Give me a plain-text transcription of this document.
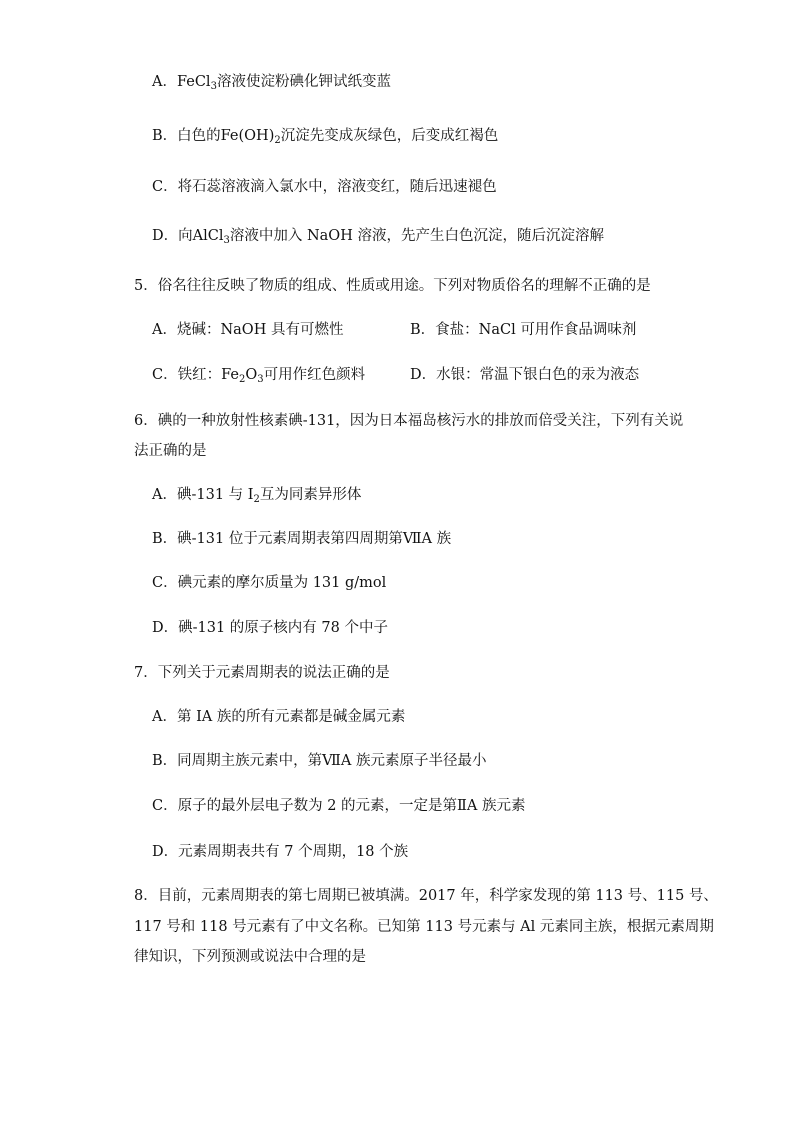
A．FeCl$_3$溶液使淀粉碘化钾试纸变蓝
B．白色的$Fe(OH)_2$沉淀先变成灰绿色，后变成红褐色
C．将石蕊溶液滴入氯水中，溶液变红，随后迅速褪色
D．向AlCl$_3$溶液中加入 NaOH 溶液，先产生白色沉淀，随后沉淀溶解
5．俗名往往反映了物质的组成、性质或用途。下列对物质俗名的理解不正确的是
A．烧碱：NaOH 具有可燃性	B．食盐：NaCl 可用作食品调味剂
C．铁红：$Fe_2O_3$可用作红色颜料	D．水银：常温下银白色的汞为液态
6．碘的一种放射性核素碘-131，因为日本福岛核污水的排放而倍受关注，下列有关说
法正确的是
A．碘-131 与 $I_2$互为同素异形体
B．碘-131 位于元素周期表第四周期第ⅦA 族
C．碘元素的摩尔质量为 131 g/mol
D．碘-131 的原子核内有 78 个中子
7．下列关于元素周期表的说法正确的是
A．第 IA 族的所有元素都是碱金属元素
B．同周期主族元素中，第ⅦA 族元素原子半径最小
C．原子的最外层电子数为 2 的元素，一定是第ⅡA 族元素
D．元素周期表共有 7 个周期，18 个族
8．目前，元素周期表的第七周期已被填满。2017 年，科学家发现的第 113 号、115 号、
117 号和 118 号元素有了中文名称。已知第 113 号元素与 Al 元素同主族，根据元素周期
律知识，下列预测或说法中合理的是
